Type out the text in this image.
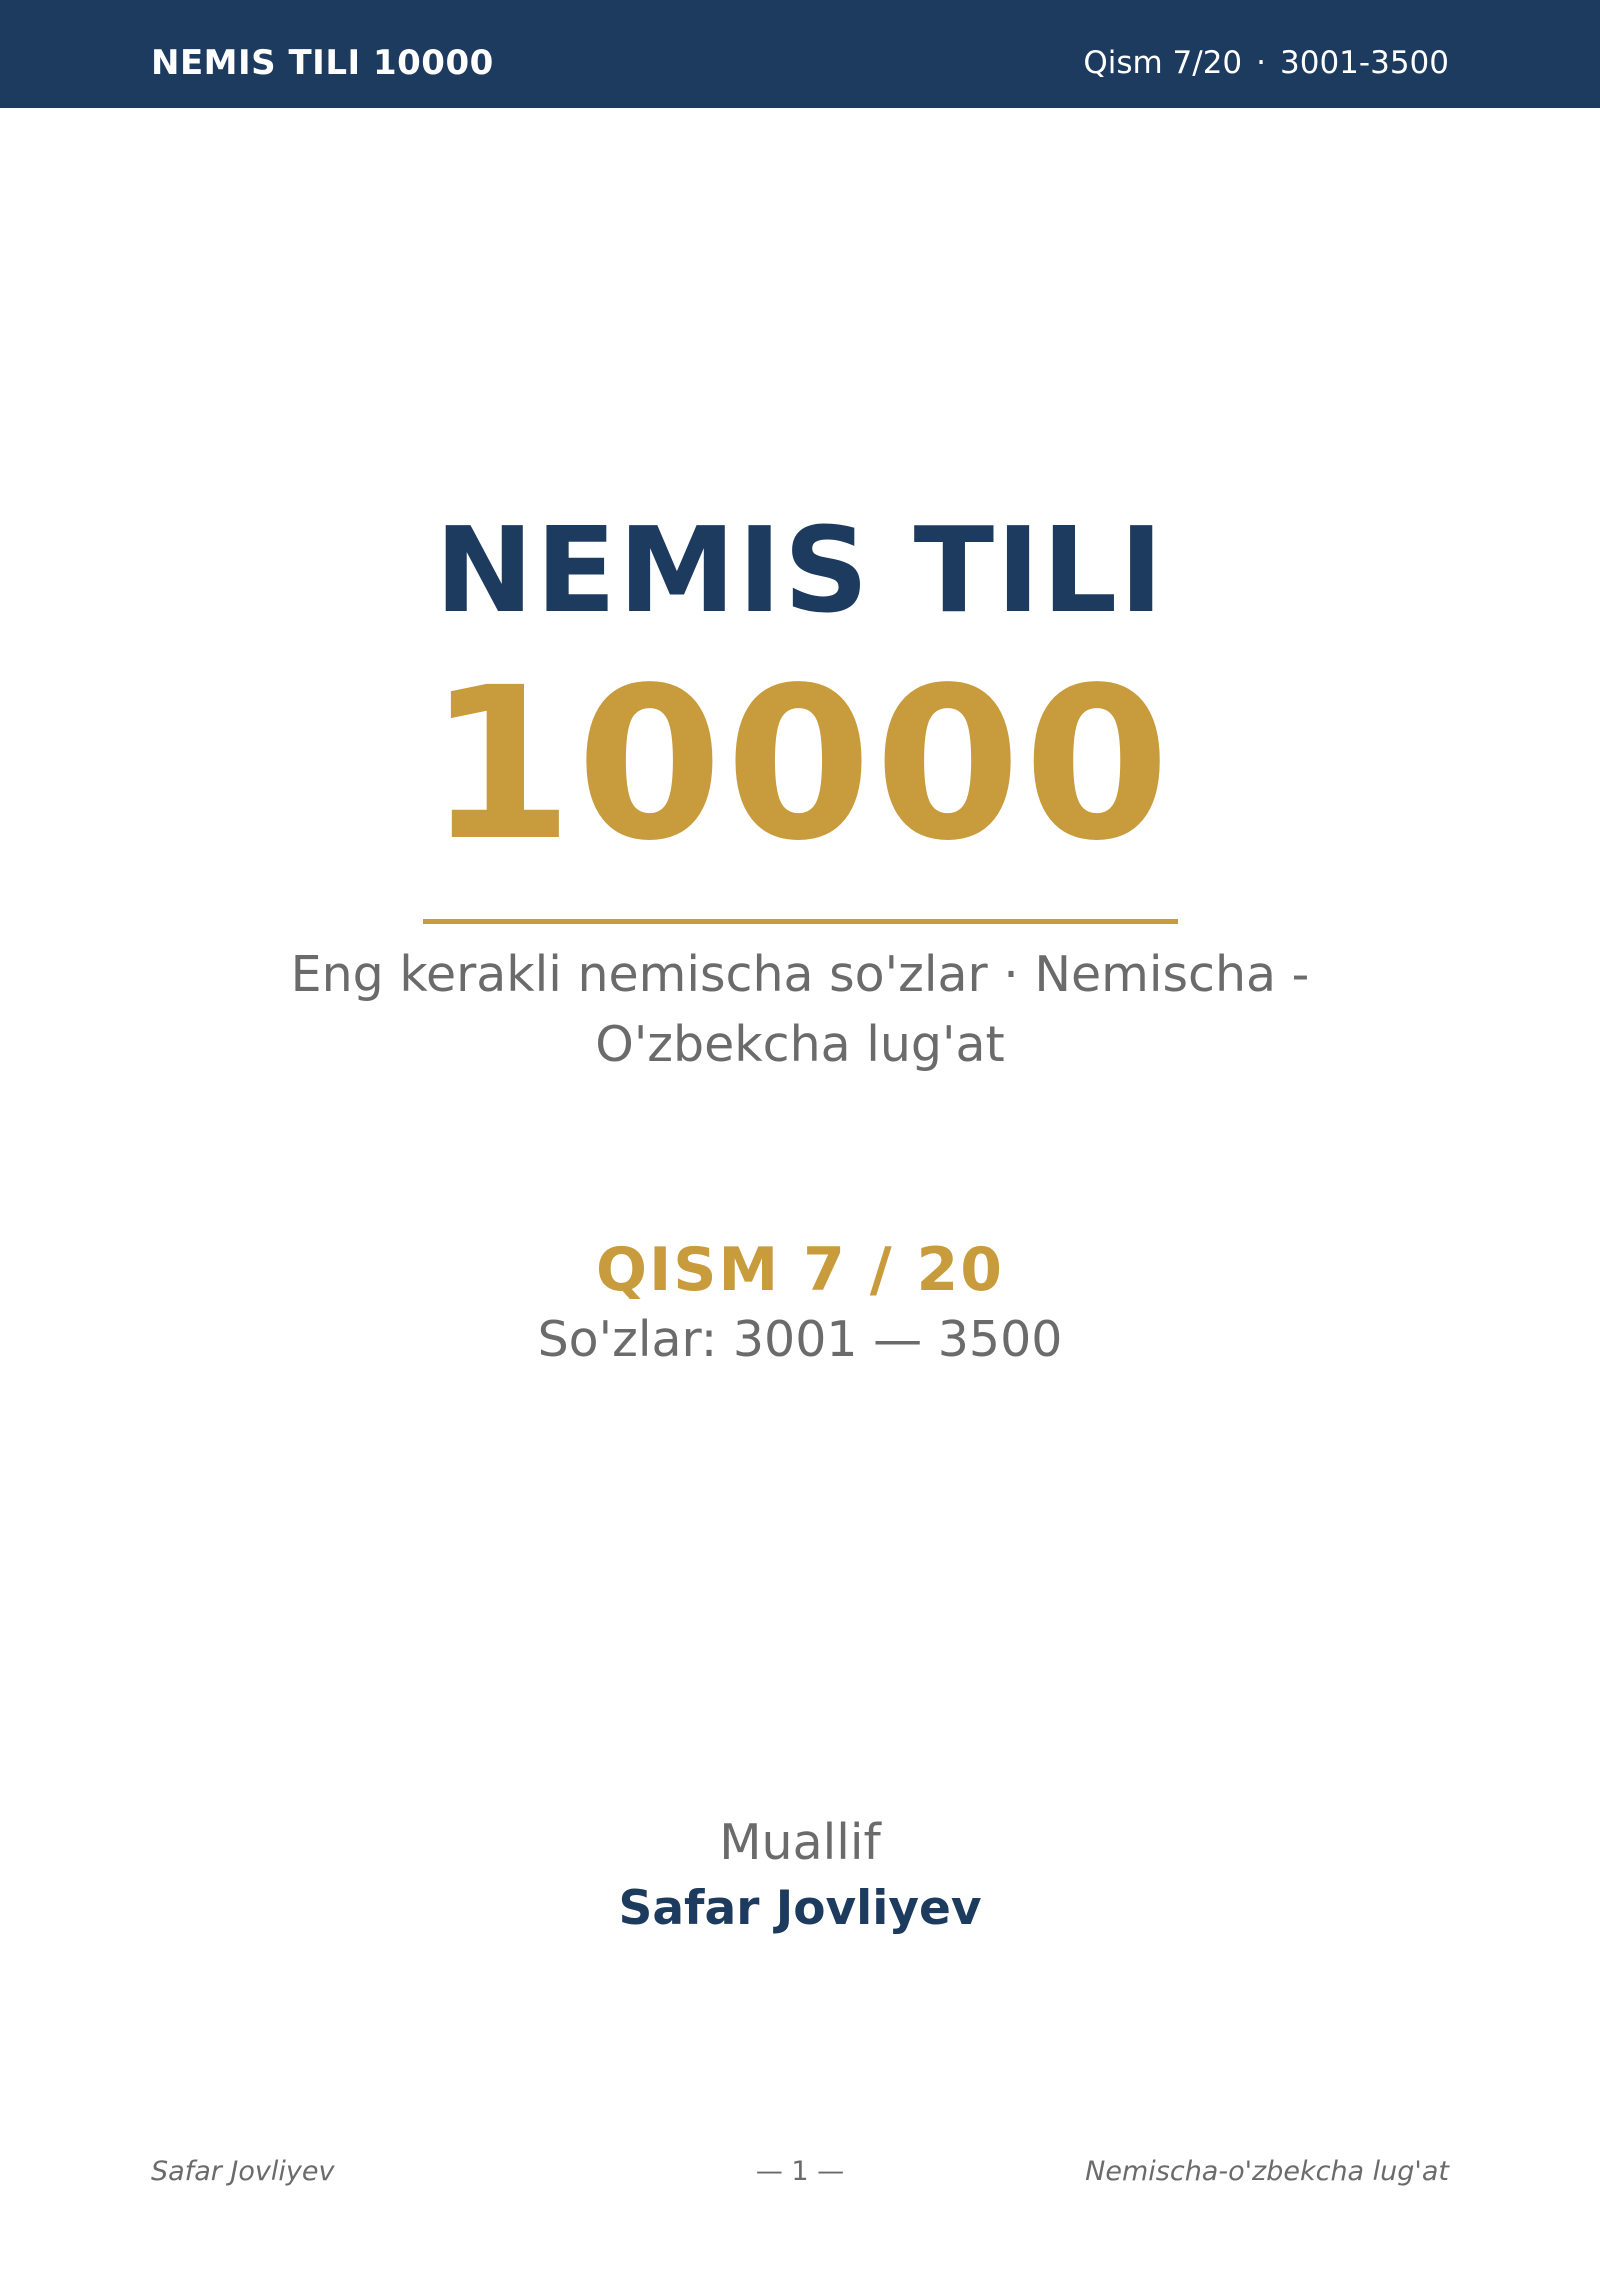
NEMIS TILI 10000	Qism 7/20 · 3001-3500
NEMIS TILI
10000
Eng kerakli nemischa so'zlar · Nemischa - O'zbekcha lug'at
QISM 7 / 20
So'zlar: 3001 — 3500
Muallif
Safar Jovliyev
Safar Jovliyev	— 1 —	Nemischa-o'zbekcha lug'at
